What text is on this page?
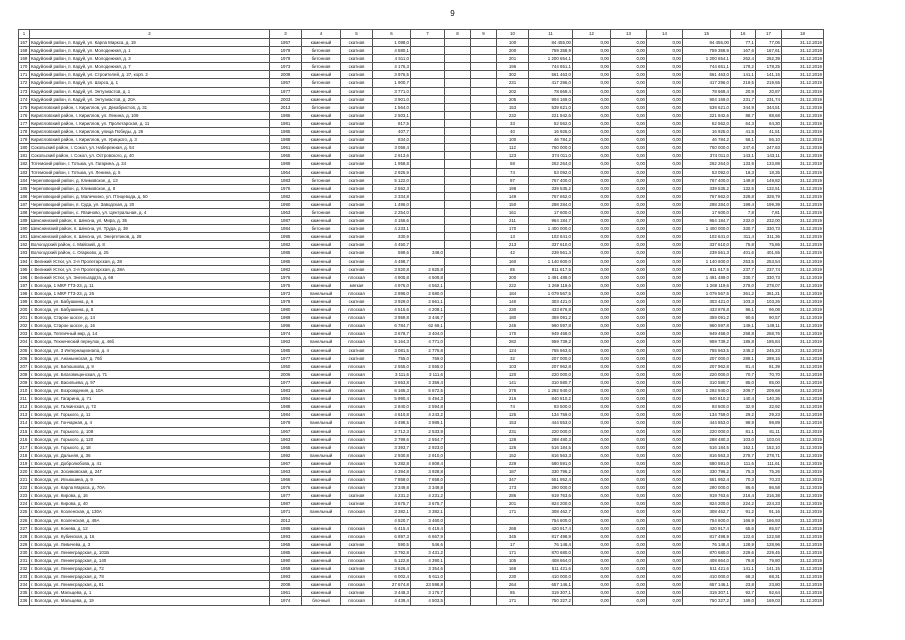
9
1	2	3	4	5	6	7	8	9	10	11	12	13	14	15	16	17	18
167	Кадуйский район, п. Кадуй, ул. Карла Маркса, д. 19	1957	каменный	скатная	1 098,0				100	84 455,00	0,00	0,00	0,00	84 455,00	77,1	77,06	31.12.2019
168	Кадуйский район, п. Кадуй, ул. Молодежная, д. 1	1979	бетонная	скатная	4 580,1				200	759 358,9	0,00	0,00	0,00	759 358,9	167,6	167,61	31.12.2019
169	Кадуйский район, п. Кадуй, ул. Молодежная, д. 3	1979	бетонная	скатная	4 511,0				201	1 200 654,1	0,00	0,00	0,00	1 200 654,1	262,4	262,39	31.12.2019
170	Кадуйский район, п. Кадуй, ул. Молодежная, д. 7	1973	бетонная	скатная	4 176,3				196	744 651,1	0,00	0,00	0,00	744 651,1	178,2	178,25	31.12.2019
171	Кадуйский район, п. Кадуй, ул. Строителей, д. 27, корп. 2	2008	каменный	скатная	3 976,5				302	561 463,0	0,00	0,00	0,00	561 463,0	141,1	141,15	31.12.2019
172	Кадуйский район, п. Кадуй, ул. Шорса, д. 1	1957	бетонная	скатная	1 900,7				231	417 296,0	0,00	0,00	0,00	417 296,0	219,5	219,55	31.12.2019
173	Кадуйский район, п. Кадуй, ул. Энтузиастов, д. 1	1977	каменный	скатная	3 771,0				202	78 669,4	0,00	0,00	0,00	78 669,4	20,9	20,87	31.12.2019
174	Кадуйский район, п. Кадуй, ул. Энтузиастов, д. 20А	2003	каменный	скатная	3 901,0				205	904 169,0	0,00	0,00	0,00	904 169,0	231,7	231,74	31.12.2019
175	Кирилловский район, г. Кириллов, ул. Декабристов, д. 31	2013	бетонная	скатная	1 564,0				153	539 621,0	0,00	0,00	0,00	539 621,0	344,9	344,51	31.12.2019
176	Кирилловский район, г. Кириллов, ул. Ленина, д. 109	1986	каменный	скатная	2 503,1				232	221 942,6	0,00	0,00	0,00	221 942,6	88,7	88,68	31.12.2019
177	Кирилловский район, г. Кириллов, ул. Пролетарская, д. 11	1981	каменный	скатная	817,5				33	52 562,0	0,00	0,00	0,00	52 562,0	64,3	64,30	31.12.2019
178	Кирилловский район, г. Кириллов, улица Победы, д. 26	1985	каменный	скатная	407,7				40	16 925,0	0,00	0,00	0,00	16 925,0	41,5	41,51	31.12.2019
179	Кирилловский район, г. Кириллов, ул. Урицкого, д. 3	1988	каменный	скатная	834,0				100	46 784,2	0,00	0,00	0,00	46 784,2	56,1	56,10	31.12.2019
180	Сокольский район, г. Сокол, ул. Набережная, д. 54	1961	каменный	скатная	3 059,4				112	760 000,0	0,00	0,00	0,00	760 000,0	247,6	247,63	31.12.2019
181	Сокольский район, г. Сокол, ул. Островского, д. 40	1965	каменный	скатная	2 613,6				123	374 011,0	0,00	0,00	0,00	374 011,0	143,1	143,11	31.12.2019
182	Тотемский район, г. Тотьма, ул. Гагарина, д. 24	1989	каменный	скатная	1 958,8				58	262 264,0	0,00	0,00	0,00	262 264,0	133,9	133,89	31.12.2019
183	Тотемский район, г. Тотьма, ул. Ленина, д. 5	1964	каменный	скатная	2 925,9				74	53 092,0	0,00	0,00	0,00	53 092,0	18,3	18,35	31.12.2019
184	Череповецкий район, д. Климовское, д. 13	1983	бетонная	скатная	5 122,0				97	767 400,0	0,00	0,00	0,00	767 400,0	149,8	149,82	31.12.2019
185	Череповецкий район, д. Климовское, д. 8	1976	каменный	скатная	2 562,3				198	339 535,2	0,00	0,00	0,00	339 535,2	132,5	132,51	31.12.2019
186	Череповецкий район, д. Малечкино, ул. Птицевода, д. 50	1982	каменный	скатная	2 334,8				149	767 662,0	0,00	0,00	0,00	767 662,0	328,8	328,79	31.12.2019
187	Череповецкий район, п. Суда, ул. Заводская, д. 20	1990	каменный	скатная	1 496,0				150	298 284,0	0,00	0,00	0,00	298 284,0	199,4	199,39	31.12.2019
188	Череповецкий район, с. Ягаиново, ул. Центральная, д. 4	1963	бетонная	скатная	2 254,0				161	17 600,0	0,00	0,00	0,00	17 600,0	7,8	7,81	31.12.2019
189	Шекснинский район, п. Шексна, ул. Мира, д. 35	1987	каменный	скатная	4 156,6				211	964 184,7	0,00	0,00	0,00	964 184,7	232,0	232,00	31.12.2019
190	Шекснинский район, п. Шексна, ул. Труда, д. 39	1984	бетонная	скатная	4 233,1				170	1 400 000,0	0,00	0,00	0,00	1 400 000,0	330,7	330,73	31.12.2019
191	Шекснинский район, п. Шексна, ул. Энергетиков, д. 28	1995	каменный	скатная	330,9				13	102 641,0	0,00	0,00	0,00	102 641,0	311,4	311,36	31.12.2019
192	Вологодский район, с. Майский, д. 8	1982	каменный	скатная	4 450,7				213	337 610,0	0,00	0,00	0,00	337 610,0	75,8	75,86	31.12.2019
193	Вологодский район, с. Огарково, д. 25	1985	каменный	скатная	599,6	348,0			42	239 561,3	0,00	0,00	0,00	239 561,3	401,6	401,55	31.12.2019
194	г. Великий Устюг, ул. 2-я Пролетарская, д. 38	1985	каменный	скатная	4 498,7				160	1 140 600,0	0,00	0,00	0,00	1 140 600,0	253,5	253,54	31.12.2019
195	г. Великий Устюг, ул. 2-я Пролетарская, д. 38А	1982	каменный	скатная	3 820,8	2 825,8			85	811 617,5	0,00	0,00	0,00	811 617,5	237,7	237,74	31.12.2019
196	г. Великий Устюг, ул. Энгельгардта, д. 68	1976	каменный	плоская	4 905,8	4 509,8			200	1 491 489,0	0,00	0,00	0,00	1 491 489,0	330,7	330,73	31.12.2019
197	г. Вологда, 1 МКР ГТЗ-23, д. 11	1975	каменный	мягкая	4 975,0	4 562,1			222	1 269 119,6	0,00	0,00	0,00	1 269 119,6	278,0	278,07	31.12.2019
198	г. Вологда, 1 МКР ГТЗ-23, д. 26	1972	панельный	плоская	2 896,0	2 680,0			184	1 079 567,5	0,00	0,00	0,00	1 079 567,5	361,2	361,21	31.12.2019
199	г. Вологда, ул. Бабушкина, д. 6	1978	каменный	скатная	3 929,0	2 661,1			140	303 421,0	0,00	0,00	0,00	303 421,0	103,3	103,26	31.12.2019
200	г. Вологда, ул. Бабушкина, д. 8	1980	каменный	плоская	4 515,6	4 208,1			230	433 876,8	0,00	0,00	0,00	433 876,8	96,1	96,08	31.12.2019
201	г. Вологда, Старое шоссе, д. 14	1989	каменный	плоская	3 959,8	3 446,7			180	359 091,2	0,00	0,00	0,00	359 091,2	90,6	90,57	31.12.2019
202	г. Вологда, Старое шоссе, д. 16	1996	каменный	плоская	6 784,7	62 69,1			245	960 597,8	0,00	0,00	0,00	960 597,8	149,1	149,11	31.12.2019
203	г. Вологда, Тепличный мкр, д. 14	1974	каменный	плоская	3 678,7	3 404,0			170	949 458,0	0,00	0,00	0,00	949 458,0	258,8	258,76	31.12.2019
204	г. Вологда, Технический переулок, д. 46б	1962	панельный	плоская	5 164,3	4 771,0			282	959 739,2	0,00	0,00	0,00	959 739,2	185,8	185,84	31.12.2019
205	г. Вологда, ул. 3 Интернационала, д. 4	1985	каменный	скатная	3 081,5	2 776,8			124	755 663,5	0,00	0,00	0,00	755 663,5	245,2	245,23	31.12.2019
206	г. Вологда, ул. Ананьинская, д. 75б	1977	каменный	скатная	755,0	769,0			32	207 000,0	0,00	0,00	0,00	207 000,0	289,1	289,15	31.12.2019
207	г. Вологда, ул. Батюшкова, д. 9	1950	каменный	плоская	2 555,0	2 555,0			103	207 962,8	0,00	0,00	0,00	207 962,8	81,4	81,39	31.12.2019
208	г. Вологда, ул. Благовещенская, д. 71	2006	каменный	плоская	3 111,6	3 111,6			120	220 000,0	0,00	0,00	0,00	220 000,0	70,7	70,70	31.12.2019
209	г. Вологда, ул. Васильева, д. 97	1977	каменный	плоская	3 653,8	3 359,4			141	310 580,7	0,00	0,00	0,00	310 580,7	85,0	85,00	31.12.2019
210	г. Вологда, ул. Возрождения, д. 10А	1983	каменный	плоская	6 166,3	5 672,5			275	1 292 940,0	0,00	0,00	0,00	1 292 940,0	209,7	209,68	31.12.2019
211	г. Вологда, ул. Гагарина, д. 71	1994	каменный	плоская	5 990,4	5 494,3			216	840 810,2	0,00	0,00	0,00	840 810,2	140,4	140,36	31.12.2019
212	г. Вологда, ул. Галкинская, д. 72	1988	каменный	плоская	2 840,0	2 594,8			74	93 500,0	0,00	0,00	0,00	93 500,0	32,9	32,92	31.12.2019
213	г. Вологда, ул. Горького, д. 11	1984	каменный	плоская	4 610,8	4 243,2			125	134 759,0	0,00	0,00	0,00	134 759,0	29,2	29,23	31.12.2019
214	г. Вологда, ул. Гончарная, д. 4	1979	панельный	плоская	4 498,5	3 989,1			153	444 853,0	0,00	0,00	0,00	444 853,0	98,9	98,89	31.12.2019
215	г. Вологда, ул. Горького, д. 108	1967	каменный	плоская	2 712,3	2 533,9			231	220 000,0	0,00	0,00	0,00	220 000,0	81,1	81,11	31.12.2019
216	г. Вологда, ул. Горького, д. 120	1963	каменный	плоская	2 799,6	2 554,7			128	288 480,3	0,00	0,00	0,00	288 480,3	103,0	103,04	31.12.2019
217	г. Вологда, ул. Горького, д. 18	1965	каменный	плоская	3 393,7	2 923,0			126	516 184,5	0,00	0,00	0,00	516 184,5	152,1	152,10	31.12.2019
218	г. Вологда, ул. Дальняя, д. 36	1992	панельный	плоская	2 930,8	2 910,0			152	816 563,3	0,00	0,00	0,00	816 563,3	278,7	278,71	31.12.2019
219	г. Вологда, ул. Добролюбова, д. 41	1967	каменный	плоская	5 282,8	4 809,4			229	580 591,0	0,00	0,00	0,00	580 591,0	111,6	111,61	31.12.2019
220	г. Вологда, ул. Зосимовская, д. 24Г	1963	каменный	плоская	4 394,8	3 928,8			187	330 796,2	0,00	0,00	0,00	330 796,2	75,3	75,26	31.12.2019
221	г. Вологда, ул. Ильюшина, д. 9	1966	каменный	плоская	7 859,0	7 658,0			347	551 952,4	0,00	0,00	0,00	551 952,4	70,3	70,23	31.12.2019
222	г. Вологда, ул. Карла Маркса, д. 70А	1976	каменный	плоская	3 349,8	3 349,8			173	290 000,0	0,00	0,00	0,00	290 000,0	86,6	86,58	31.12.2019
223	г. Вологда, ул. Кирова, д. 16	1977	каменный	скатная	4 231,2	4 231,2			286	919 763,6	0,00	0,00	0,00	919 763,6	216,4	216,38	31.12.2019
224	г. Вологда, ул. Кирова, д. 40	1987	каменный	скатная	3 675,7	3 675,7			201	824 200,0	0,00	0,00	0,00	824 200,0	224,2	224,23	31.12.2019
225	г. Вологда, ул. Козленская, д. 130А	1971	панельный	плоская	3 382,1	3 382,1			171	308 462,7	0,00	0,00	0,00	308 462,7	91,2	91,16	31.12.2019
226	г. Вологда, ул. Козленская, д. 49А	2012			4 520,7	3 460,0				754 600,0	0,00	0,00	0,00	754 600,0	166,9	166,93	31.12.2019
227	г. Вологда, ул. Конева, д. 12	1986	каменный	плоская	6 415,4	6 419,4			268	420 917,4	0,00	0,00	0,00	420 917,4	65,6	65,57	31.12.2019
228	г. Вологда, ул. Кубинская, д. 16	1993	каменный	плоская	6 897,3	6 667,9			345	817 498,9	0,00	0,00	0,00	817 498,9	122,6	122,58	31.12.2019
229	г. Вологда, ул. Левичева, д. 3	1965	каменный	скатная	590,5	546,6			17	76 148,4	0,00	0,00	0,00	76 148,4	128,9	128,96	31.12.2019
230	г. Вологда, ул. Ленинградская, д. 101Б	1985	каменный	плоская	3 792,8	3 431,2			171	870 680,0	0,00	0,00	0,00	870 680,0	229,6	229,45	31.12.2019
231	г. Вологда, ул. Ленинградская, д. 140	1990	каменный	плоская	5 122,8	4 390,1			105	408 664,0	0,00	0,00	0,00	408 664,0	79,8	79,80	31.12.2019
232	г. Вологда, ул. Ленинградская, д. 72	1959	каменный	скатная	3 626,4	3 354,6			166	511 421,6	0,00	0,00	0,00	511 421,6	141,1	141,15	31.12.2019
233	г. Вологда, ул. Ленинградская, д. 78	1993	каменный	плоская	6 002,4	5 611,0			230	410 000,0	0,00	0,00	0,00	410 000,0	68,3	68,31	31.12.2019
234	г. Вологда, ул. Ленинградская, д. 81	2008	каменный	плоская	27 674,8	23 598,8			264	657 146,1	0,00	0,00	0,00	657 146,1	23,8	23,80	31.12.2019
235	г. Вологда, ул. Мальцева, д. 1	1961	каменный	скатная	3 448,3	3 176,7			85	319 307,1	0,00	0,00	0,00	319 307,1	92,7	92,64	31.12.2019
236	г. Вологда, ул. Мальцева, д. 19	1974	блочный	плоская	4 439,4	4 503,5			171	750 327,2	0,00	0,00	0,00	750 327,2	169,0	169,03	31.12.2019
